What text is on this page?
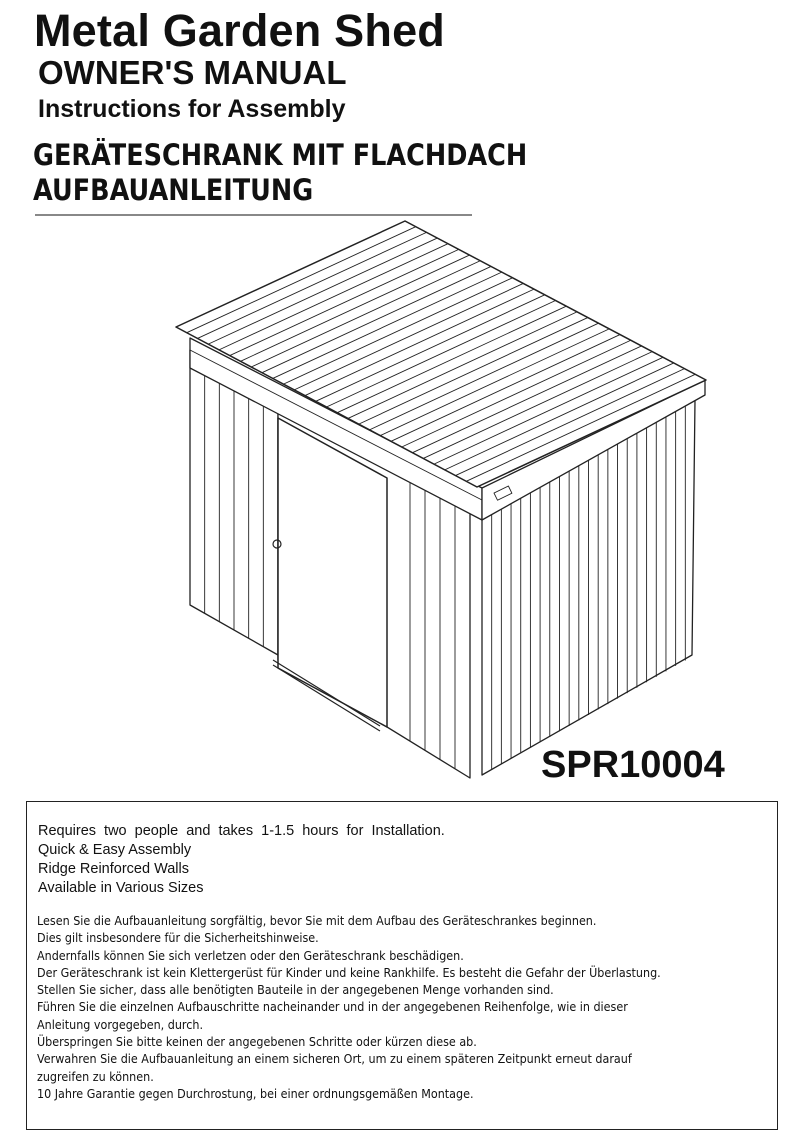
Metal Garden Shed
OWNER'S MANUAL
Instructions for Assembly
GERÄTESCHRANK MIT FLACHDACH
AUFBAUANLEITUNG
SPR10004
Requires two people and takes 1-1.5 hours for Installation.
Quick & Easy Assembly
Ridge Reinforced Walls
Available in Various Sizes
Lesen Sie die Aufbauanleitung sorgfältig, bevor Sie mit dem Aufbau des Geräteschrankes beginnen.
Dies gilt insbesondere für die Sicherheitshinweise.
Andernfalls können Sie sich verletzen oder den Geräteschrank beschädigen.
Der Geräteschrank ist kein Klettergerüst für Kinder und keine Rankhilfe. Es besteht die Gefahr der Überlastung.
Stellen Sie sicher, dass alle benötigten Bauteile in der angegebenen Menge vorhanden sind.
Führen Sie die einzelnen Aufbauschritte nacheinander und in der angegebenen Reihenfolge, wie in dieser
Anleitung vorgegeben, durch.
Überspringen Sie bitte keinen der angegebenen Schritte oder kürzen diese ab.
Verwahren Sie die Aufbauanleitung an einem sicheren Ort, um zu einem späteren Zeitpunkt erneut darauf
zugreifen zu können.
10 Jahre Garantie gegen Durchrostung, bei einer ordnungsgemäßen Montage.
